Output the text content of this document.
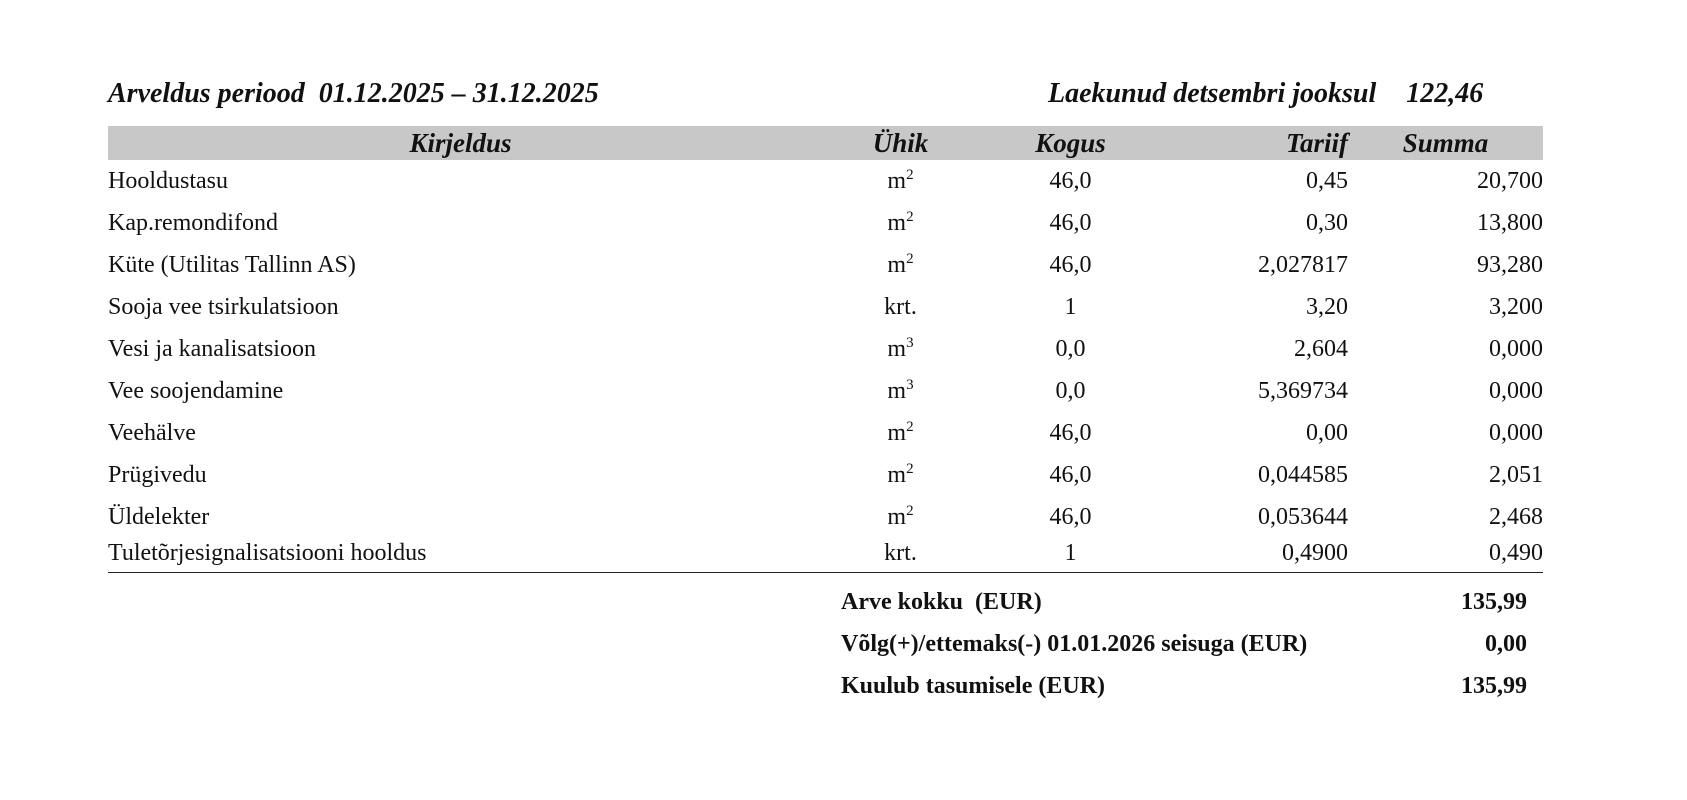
Arveldus periood 01.12.2025 – 31.12.2025	Laekunud detsembri jooksul 122,46
Kirjeldus	Ühik	Kogus	Tariif	Summa
Hooldustasu	$m^2$	46,0	0,45	20,700
Kap.remondifond	$m^2$	46,0	0,30	13,800
Küte (Utilitas Tallinn AS)	$m^2$	46,0	2,027817	93,280
Sooja vee tsirkulatsioon	krt.	1	3,20	3,200
Vesi ja kanalisatsioon	$m^3$	0,0	2,604	0,000
Vee soojendamine	$m^3$	0,0	5,369734	0,000
Veehälve	$m^2$	46,0	0,00	0,000
Prügivedu	$m^2$	46,0	0,044585	2,051
Üldelekter	$m^2$	46,0	0,053644	2,468
Tuletõrjesignalisatsiooni hooldus	krt.	1	0,4900	0,490
Arve kokku  (EUR)	135,99
Võlg(+)/ettemaks(-) 01.01.2026 seisuga (EUR)	0,00
Kuulub tasumisele (EUR)	135,99
